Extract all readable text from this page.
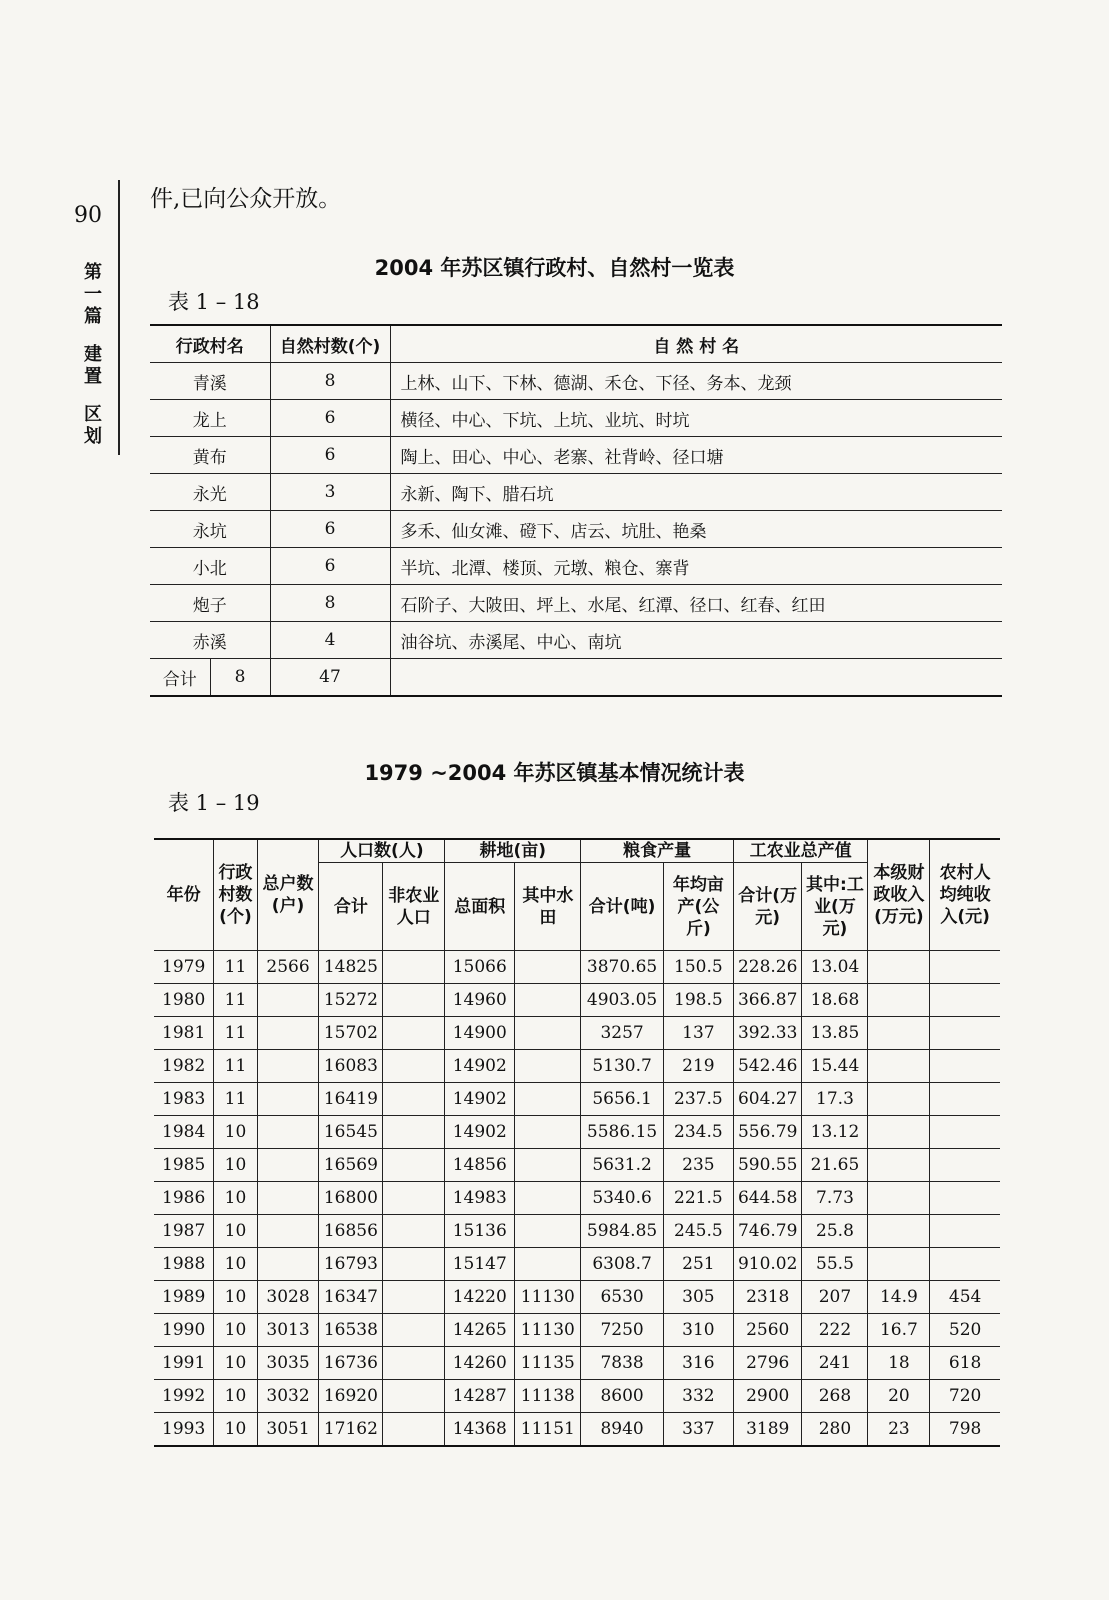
90
第
一
篇
建
置
区
划
件,已向公众开放。
2004 年苏区镇行政村、自然村一览表
表 1 – 18
行政村名		自然村数(个)	自 然 村 名
青溪		8	上林、山下、下林、德湖、禾仓、下径、务本、龙颈
龙上		6	横径、中心、下坑、上坑、业坑、时坑
黄布		6	陶上、田心、中心、老寨、社背岭、径口塘
永光		3	永新、陶下、腊石坑
永坑		6	多禾、仙女滩、磴下、店云、坑肚、艳桑
小北		6	半坑、北潭、楼顶、元墩、粮仓、寨背
炮子		8	石阶子、大陂田、坪上、水尾、红潭、径口、红春、红田
赤溪		4	油谷坑、赤溪尾、中心、南坑
合计	8	47	
1979 ~2004 年苏区镇基本情况统计表
表 1 – 19
年份	行政村数(个)	总户数(户)	人口数(人)		耕地(亩)		粮食产量		工农业总产值		本级财政收入(万元)	农村人均纯收入(元)
			合计	非农业人口	总面积	其中水田	合计(吨)	年均亩产(公斤)	合计(万元)	其中:工业(万元)		
1979	11	2566	14825		15066		3870.65	150.5	228.26	13.04		
1980	11		15272		14960		4903.05	198.5	366.87	18.68		
1981	11		15702		14900		3257	137	392.33	13.85		
1982	11		16083		14902		5130.7	219	542.46	15.44		
1983	11		16419		14902		5656.1	237.5	604.27	17.3		
1984	10		16545		14902		5586.15	234.5	556.79	13.12		
1985	10		16569		14856		5631.2	235	590.55	21.65		
1986	10		16800		14983		5340.6	221.5	644.58	7.73		
1987	10		16856		15136		5984.85	245.5	746.79	25.8		
1988	10		16793		15147		6308.7	251	910.02	55.5		
1989	10	3028	16347		14220	11130	6530	305	2318	207	14.9	454
1990	10	3013	16538		14265	11130	7250	310	2560	222	16.7	520
1991	10	3035	16736		14260	11135	7838	316	2796	241	18	618
1992	10	3032	16920		14287	11138	8600	332	2900	268	20	720
1993	10	3051	17162		14368	11151	8940	337	3189	280	23	798
